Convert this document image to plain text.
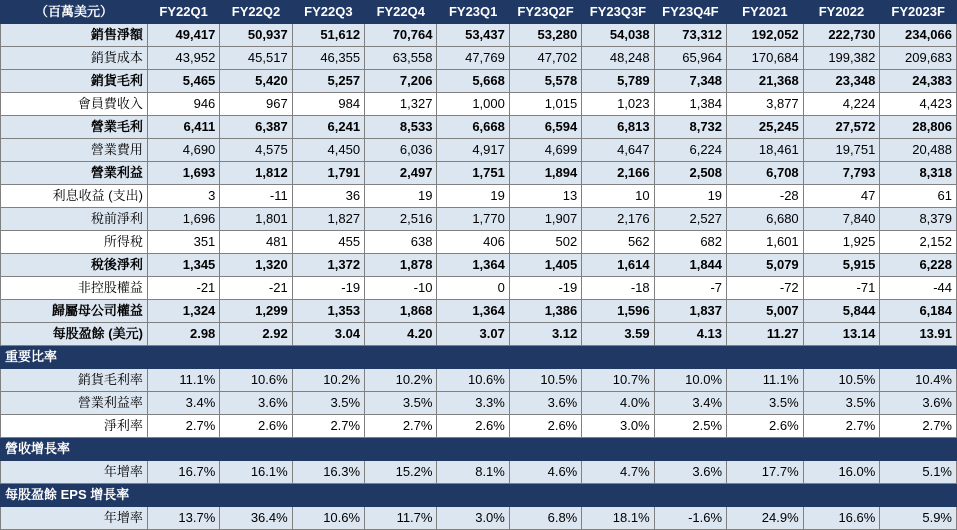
（百萬美元）	FY22Q1	FY22Q2	FY22Q3	FY22Q4	FY23Q1	FY23Q2F	FY23Q3F	FY23Q4F	FY2021	FY2022	FY2023F
銷售淨額	49,417	50,937	51,612	70,764	53,437	53,280	54,038	73,312	192,052	222,730	234,066
銷貨成本	43,952	45,517	46,355	63,558	47,769	47,702	48,248	65,964	170,684	199,382	209,683
銷貨毛利	5,465	5,420	5,257	7,206	5,668	5,578	5,789	7,348	21,368	23,348	24,383
會員費收入	946	967	984	1,327	1,000	1,015	1,023	1,384	3,877	4,224	4,423
營業毛利	6,411	6,387	6,241	8,533	6,668	6,594	6,813	8,732	25,245	27,572	28,806
營業費用	4,690	4,575	4,450	6,036	4,917	4,699	4,647	6,224	18,461	19,751	20,488
營業利益	1,693	1,812	1,791	2,497	1,751	1,894	2,166	2,508	6,708	7,793	8,318
利息收益 (支出)	3	-11	36	19	19	13	10	19	-28	47	61
稅前淨利	1,696	1,801	1,827	2,516	1,770	1,907	2,176	2,527	6,680	7,840	8,379
所得稅	351	481	455	638	406	502	562	682	1,601	1,925	2,152
稅後淨利	1,345	1,320	1,372	1,878	1,364	1,405	1,614	1,844	5,079	5,915	6,228
非控股權益	-21	-21	-19	-10	0	-19	-18	-7	-72	-71	-44
歸屬母公司權益	1,324	1,299	1,353	1,868	1,364	1,386	1,596	1,837	5,007	5,844	6,184
每股盈餘 (美元)	2.98	2.92	3.04	4.20	3.07	3.12	3.59	4.13	11.27	13.14	13.91
重要比率											
銷貨毛利率	11.1%	10.6%	10.2%	10.2%	10.6%	10.5%	10.7%	10.0%	11.1%	10.5%	10.4%
營業利益率	3.4%	3.6%	3.5%	3.5%	3.3%	3.6%	4.0%	3.4%	3.5%	3.5%	3.6%
淨利率	2.7%	2.6%	2.7%	2.7%	2.6%	2.6%	3.0%	2.5%	2.6%	2.7%	2.7%
營收增長率											
年增率	16.7%	16.1%	16.3%	15.2%	8.1%	4.6%	4.7%	3.6%	17.7%	16.0%	5.1%
每股盈餘 EPS 增長率											
年增率	13.7%	36.4%	10.6%	11.7%	3.0%	6.8%	18.1%	-1.6%	24.9%	16.6%	5.9%
